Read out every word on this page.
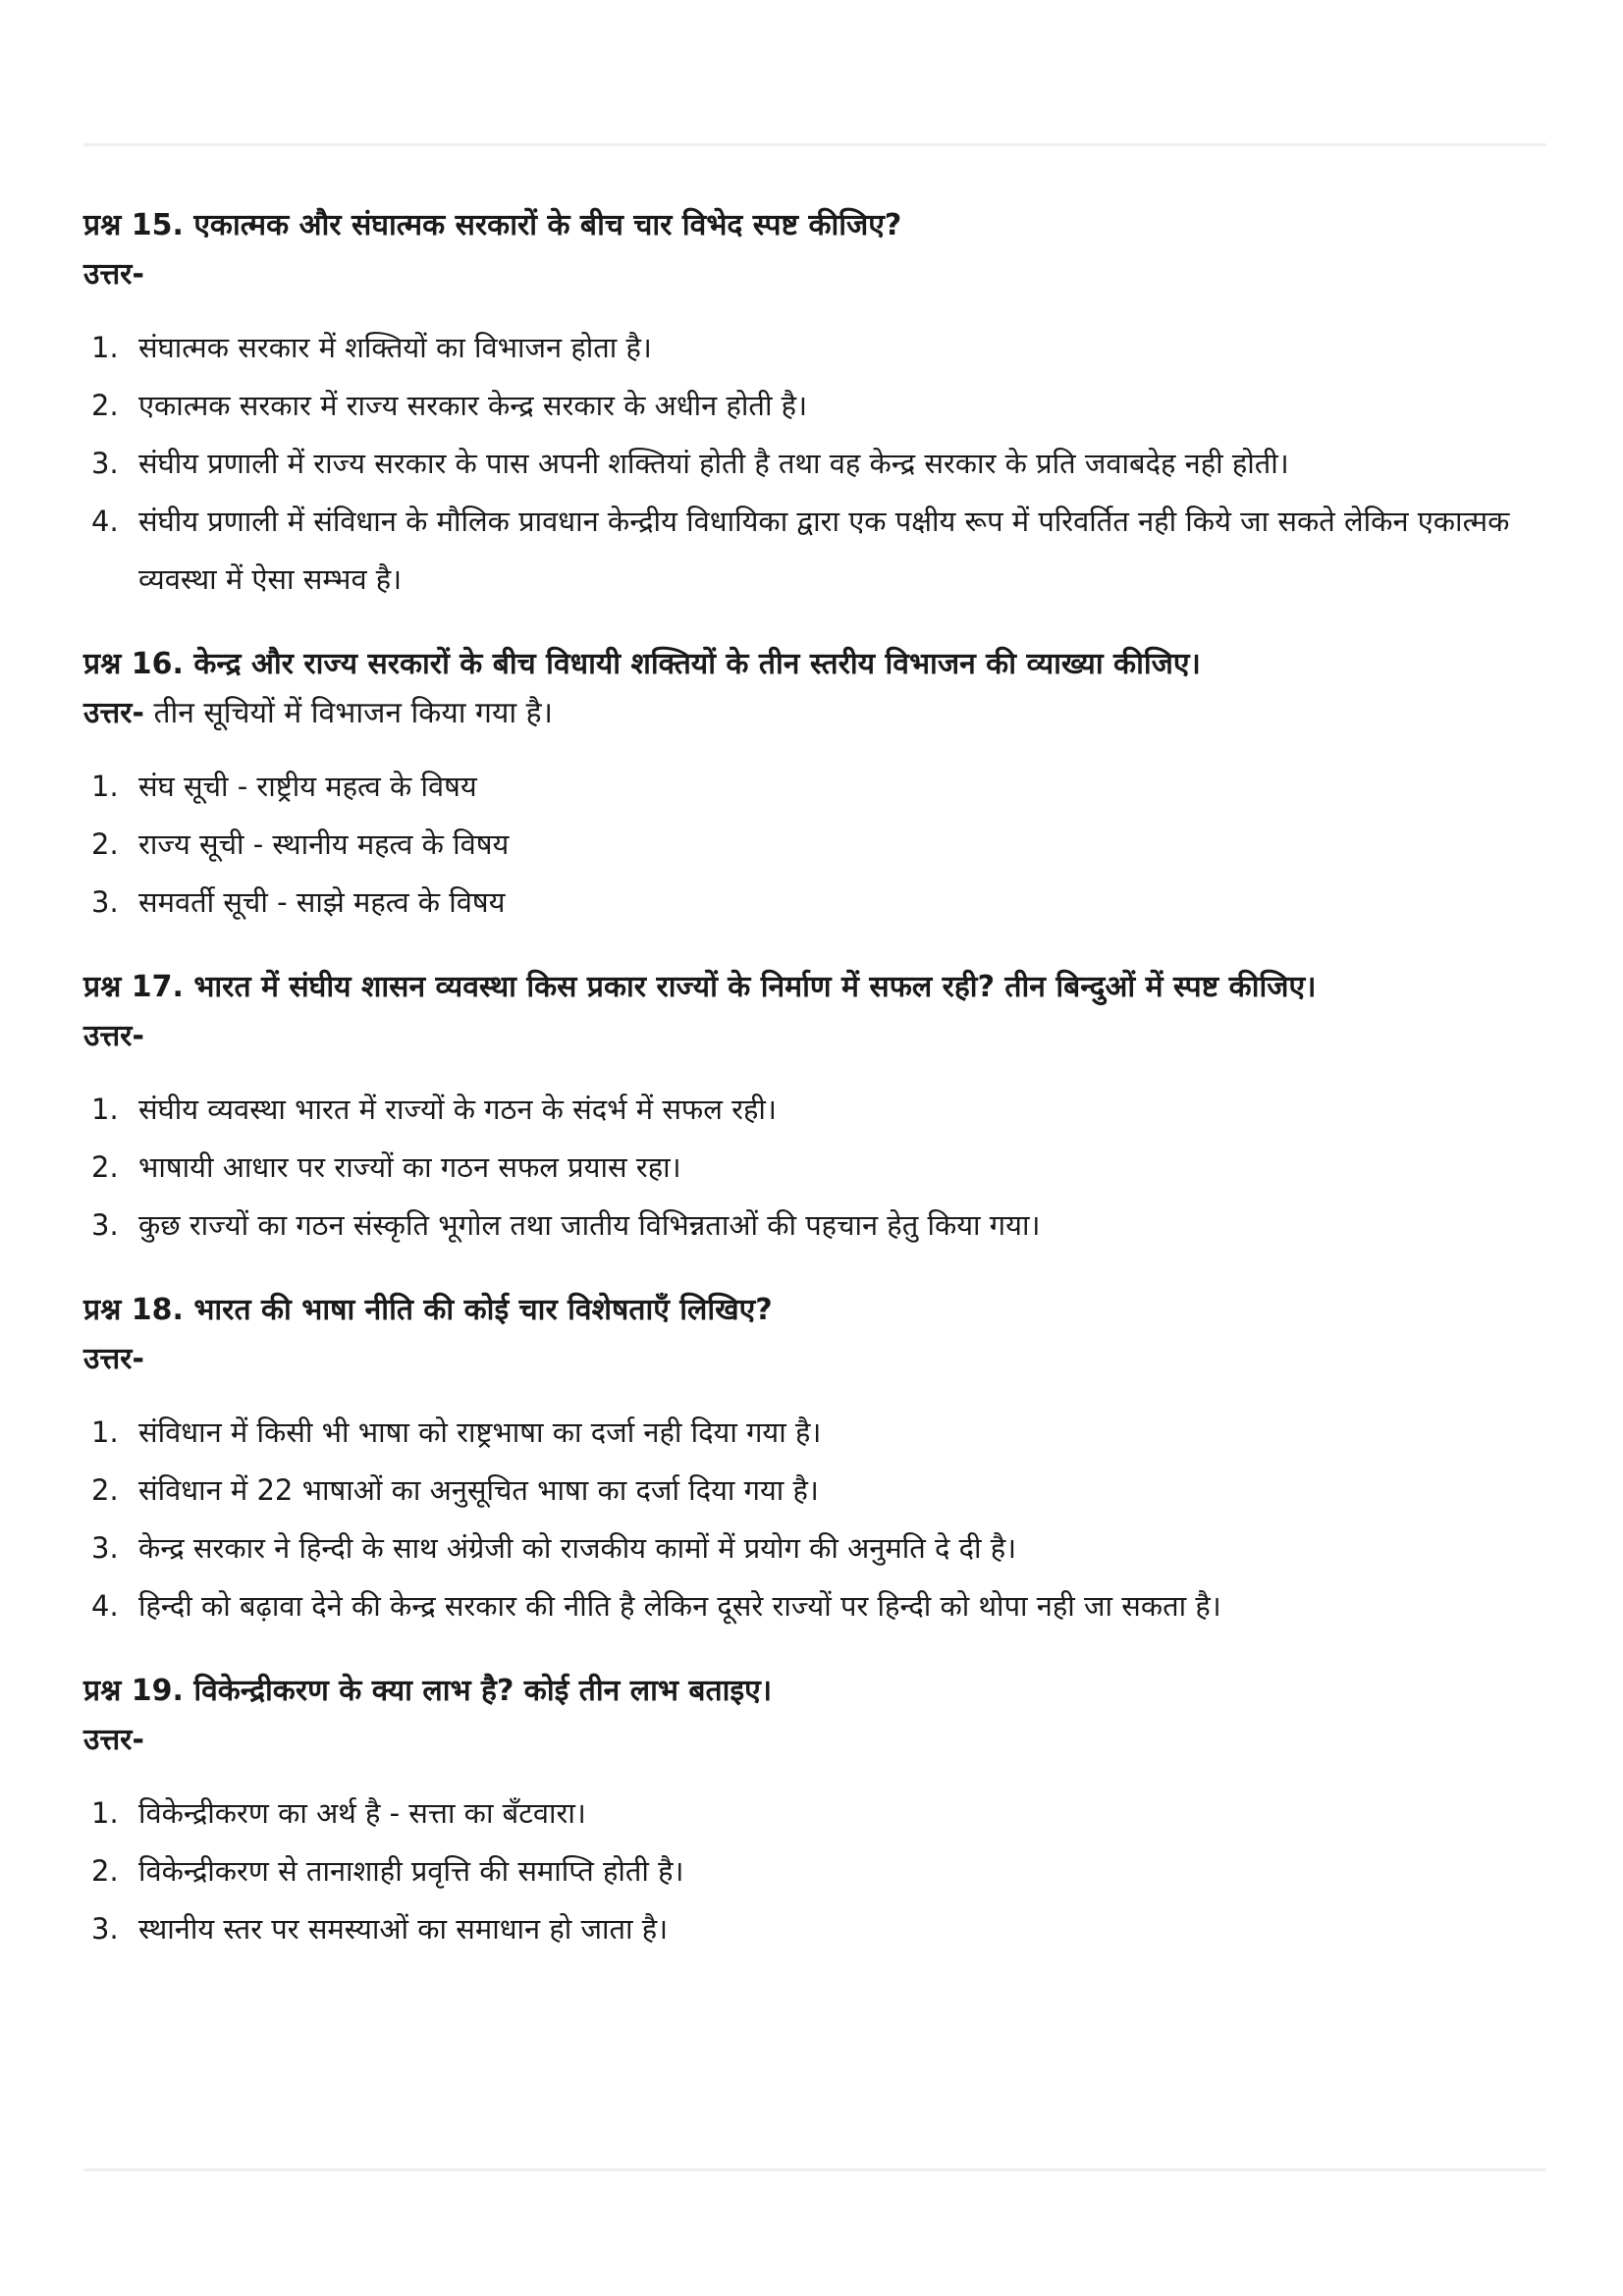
प्रश्न 15. एकात्मक और संघात्मक सरकारों के बीच चार विभेद स्पष्ट कीजिए?

उत्तर-

1. संघात्मक सरकार में शक्तियों का विभाजन होता है।
2. एकात्मक सरकार में राज्य सरकार केन्द्र सरकार के अधीन होती है।
3. संघीय प्रणाली में राज्य सरकार के पास अपनी शक्तियां होती है तथा वह केन्द्र सरकार के प्रति जवाबदेह नही होती।
4. संघीय प्रणाली में संविधान के मौलिक प्रावधान केन्द्रीय विधायिका द्वारा एक पक्षीय रूप में परिवर्तित नही किये जा सकते लेकिन एकात्मक व्यवस्था में ऐसा सम्भव है।

प्रश्न 16. केन्द्र और राज्य सरकारों के बीच विधायी शक्तियों के तीन स्तरीय विभाजन की व्याख्या कीजिए।

उत्तर- तीन सूचियों में विभाजन किया गया है।

1. संघ सूची - राष्ट्रीय महत्व के विषय
2. राज्य सूची - स्थानीय महत्व के विषय
3. समवर्ती सूची - साझे महत्व के विषय

प्रश्न 17. भारत में संघीय शासन व्यवस्था किस प्रकार राज्यों के निर्माण में सफल रही? तीन बिन्दुओं में स्पष्ट कीजिए।

उत्तर-

1. संघीय व्यवस्था भारत में राज्यों के गठन के संदर्भ में सफल रही।
2. भाषायी आधार पर राज्यों का गठन सफल प्रयास रहा।
3. कुछ राज्यों का गठन संस्कृति भूगोल तथा जातीय विभिन्नताओं की पहचान हेतु किया गया।

प्रश्न 18. भारत की भाषा नीति की कोई चार विशेषताएँ लिखिए?

उत्तर-

1. संविधान में किसी भी भाषा को राष्ट्रभाषा का दर्जा नही दिया गया है।
2. संविधान में 22 भाषाओं का अनुसूचित भाषा का दर्जा दिया गया है।
3. केन्द्र सरकार ने हिन्दी के साथ अंग्रेजी को राजकीय कामों में प्रयोग की अनुमति दे दी है।
4. हिन्दी को बढ़ावा देने की केन्द्र सरकार की नीति है लेकिन दूसरे राज्यों पर हिन्दी को थोपा नही जा सकता है।

प्रश्न 19. विकेन्द्रीकरण के क्या लाभ है? कोई तीन लाभ बताइए।

उत्तर-

1. विकेन्द्रीकरण का अर्थ है - सत्ता का बँटवारा।
2. विकेन्द्रीकरण से तानाशाही प्रवृत्ति की समाप्ति होती है।
3. स्थानीय स्तर पर समस्याओं का समाधान हो जाता है।
